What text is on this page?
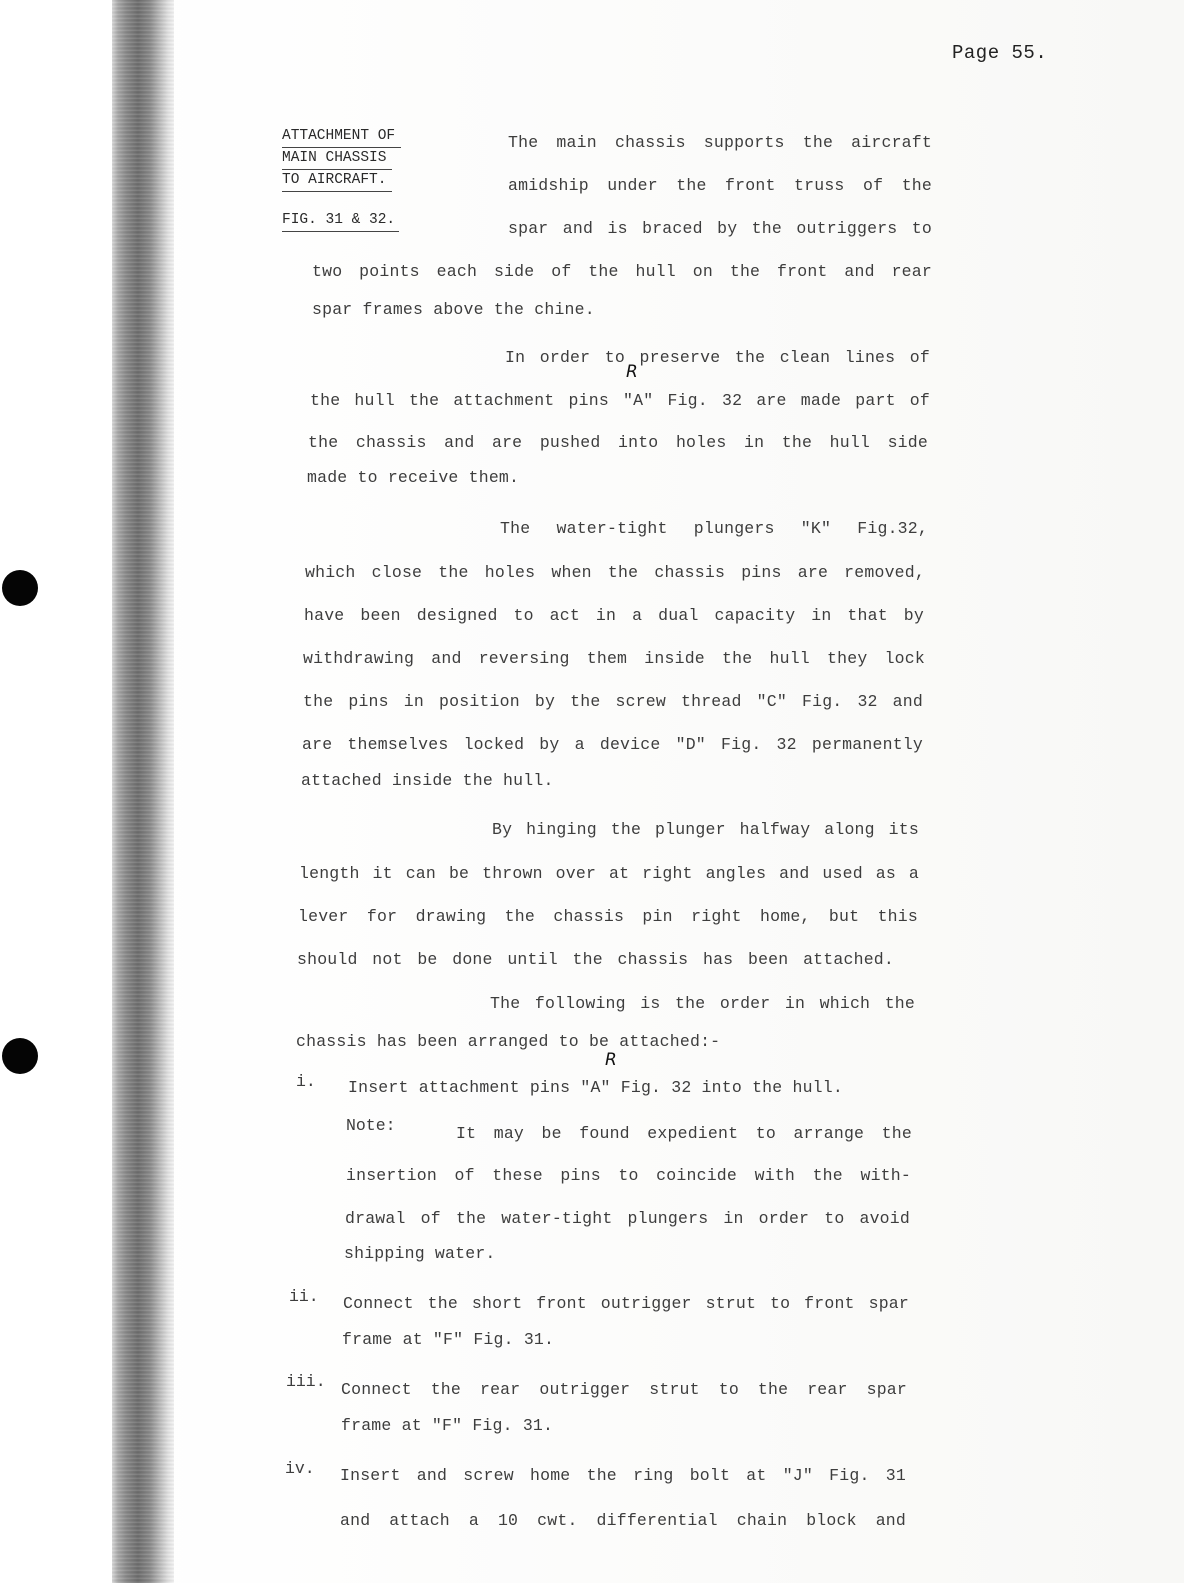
Page 55.
ATTACHMENT OF
MAIN CHASSIS
TO AIRCRAFT.
FIG. 31 & 32.
The main chassis supports the aircraft
amidship under the front truss of the
spar and is braced by the outriggers to
two points each side of the hull on the front and rear
spar frames above the chine.
In order to preserve the clean lines of
the hull the attachment pins "A" Fig. 32 are made part of
the chassis and are pushed into holes in the hull side
made to receive them.
The water-tight plungers "K" Fig.32,
which close the holes when the chassis pins are removed,
have been designed to act in a dual capacity in that by
withdrawing and reversing them inside the hull they lock
the pins in position by the screw thread "C" Fig. 32 and
are themselves locked by a device "D" Fig. 32 permanently
attached inside the hull.
By hinging the plunger halfway along its
length it can be thrown over at right angles and used as a
lever for drawing the chassis pin right home, but this
should not be done until the chassis has been attached.
The following is the order in which the
chassis has been arranged to be attached:-
i. Insert attachment pins "A" Fig. 32 into the hull.
Note:	It may be found expedient to arrange the
insertion of these pins to coincide with the with-
drawal of the water-tight plungers in order to avoid
shipping water.
ii. Connect the short front outrigger strut to front spar
frame at "F" Fig. 31.
iii. Connect the rear outrigger strut to the rear spar
frame at "F" Fig. 31.
iv. Insert and screw home the ring bolt at "J" Fig. 31
and attach a 10 cwt. differential chain block and
R
R
